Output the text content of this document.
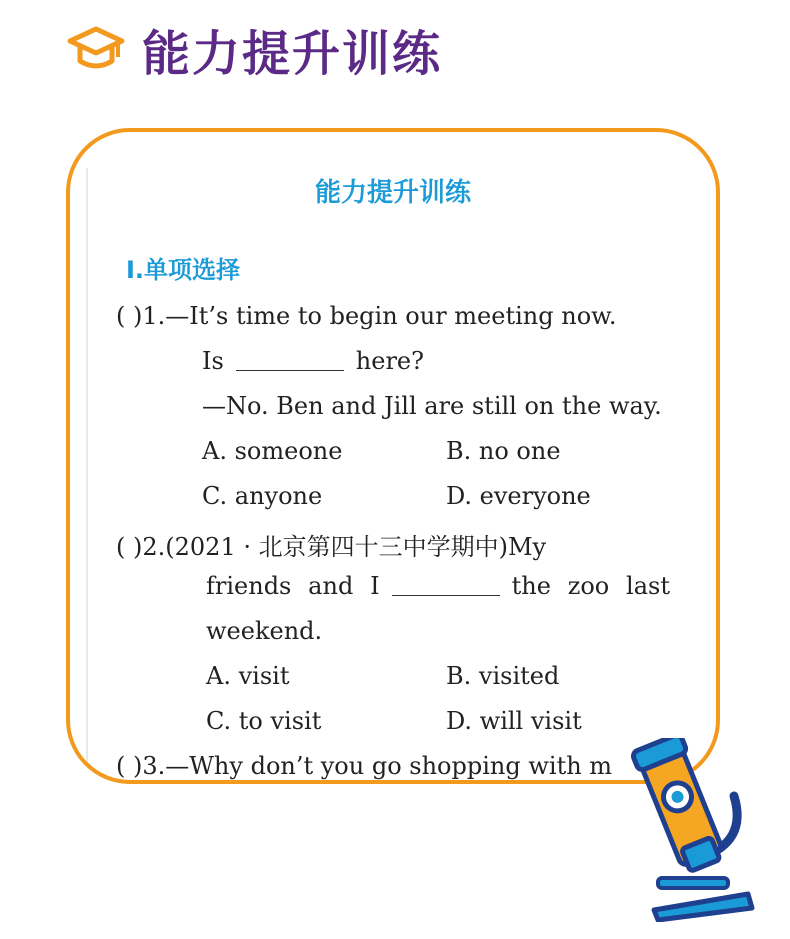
能力提升训练
能力提升训练
Ⅰ.单项选择
( )1.—It’s time to begin our meeting now.
Is	here?
—No. Ben and Jill are still on the way.
A. someone	B. no one
C. anyone	D. everyone
( )2.(2021 · 北京第四十三中学期中)My
friends  and  I	the  zoo  last
weekend.
A. visit	B. visited
C. to visit	D. will visit
( )3.—Why don’t you go shopping with m
